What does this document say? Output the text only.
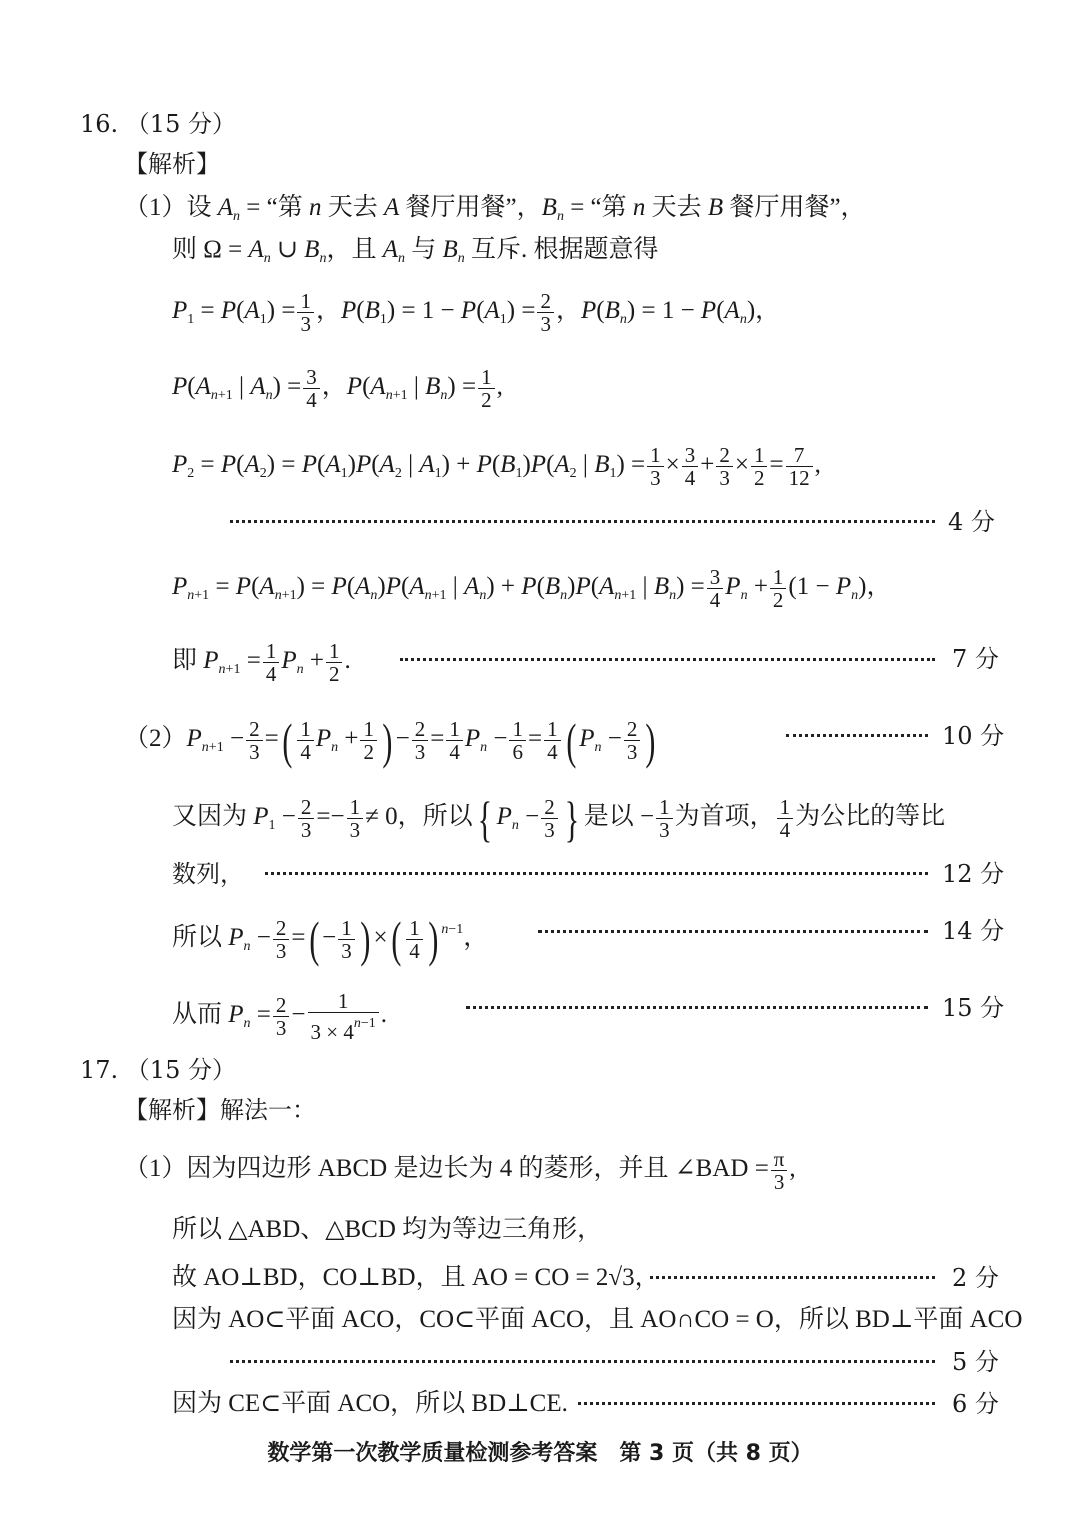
16. （15 分）
【解析】
（1）设 $A_n$ = “第 n 天去 A 餐厅用餐”，$B_n$ = “第 n 天去 B 餐厅用餐”，
则 $\Omega = A_n$ ∪ $B_n$，且 $A_n$ 与 $B_n$ 互斥. 根据题意得
$P_1 = P(A_1) = \frac{1}{3}$ ，$P(B_1) = 1 - P(A_1) = \frac{2}{3}$ ，$P(B_n) = 1 - P(A_n)$，
$P(A_{n+1}$ | $A_n) = \frac{3}{4}$ ，$P(A_{n+1}$ | $B_n) = \frac{1}{2}$ ,
$P_2 = P(A_2) = P(A_1)P(A_2$ | $A_1) + P(B_1)P(A_2$ | $B_1) = \frac{1}{3} \times \frac{3}{4} + \frac{2}{3} \times \frac{1}{2} = \frac{7}{12}$ ,
4 分
$P_{n+1} = P(A_{n+1}) = P(A_n)P(A_{n+1}$ | $A_n) + P(B_n)P(A_{n+1}$ | $B_n) = \frac{3}{4} P_n + \frac{1}{2} (1 - P_n)$，
即 $P_{n+1} = \frac{1}{4} P_n + \frac{1}{2}$ .	7 分
$(2)P_{n+1} - \frac{2}{3}$ =( $\frac{1}{4} P_n + \frac{1}{2}$ ) − $\frac{2}{3} = \frac{1}{4} P_n - \frac{1}{6} = \frac{1}{4}$ ( $P_n - \frac{2}{3}$ )	10 分
又因为 $P_1 - \frac{2}{3} =- \frac{1}{3} \ne 0$，所以{ $P_n - \frac{2}{3}$ } 是以 − $\frac{1}{3}$ 为首项， $\frac{1}{4}$ 为公比的等比
数列，	12 分
所以 $P_n - \frac{2}{3}$ =( − $\frac{1}{3}$ ) ×( $\frac{1}{4}$ ) $^{n-1}$，	14 分
从而 $P_n = \frac{2}{3} - \frac{1}{3 \times 4^{n-1}}$ .	15 分
17. （15 分）
【解析】解法一：
（1）因为四边形 ABCD 是边长为 4 的菱形，并且 ∠BAD = $\frac{\pi}{3}$ ,
所以 △ABD、△BCD 均为等边三角形，
故 AO⊥BD，CO⊥BD，且 AO = CO = 2√3，	2 分
因为 AO⊂平面 ACO，CO⊂平面 ACO，且 AO∩CO = O，所以 BD⊥平面 ACO
5 分
因为 CE⊂平面 ACO，所以 BD⊥CE.	6 分
数学第一次教学质量检测参考答案　第 3 页（共 8 页）
